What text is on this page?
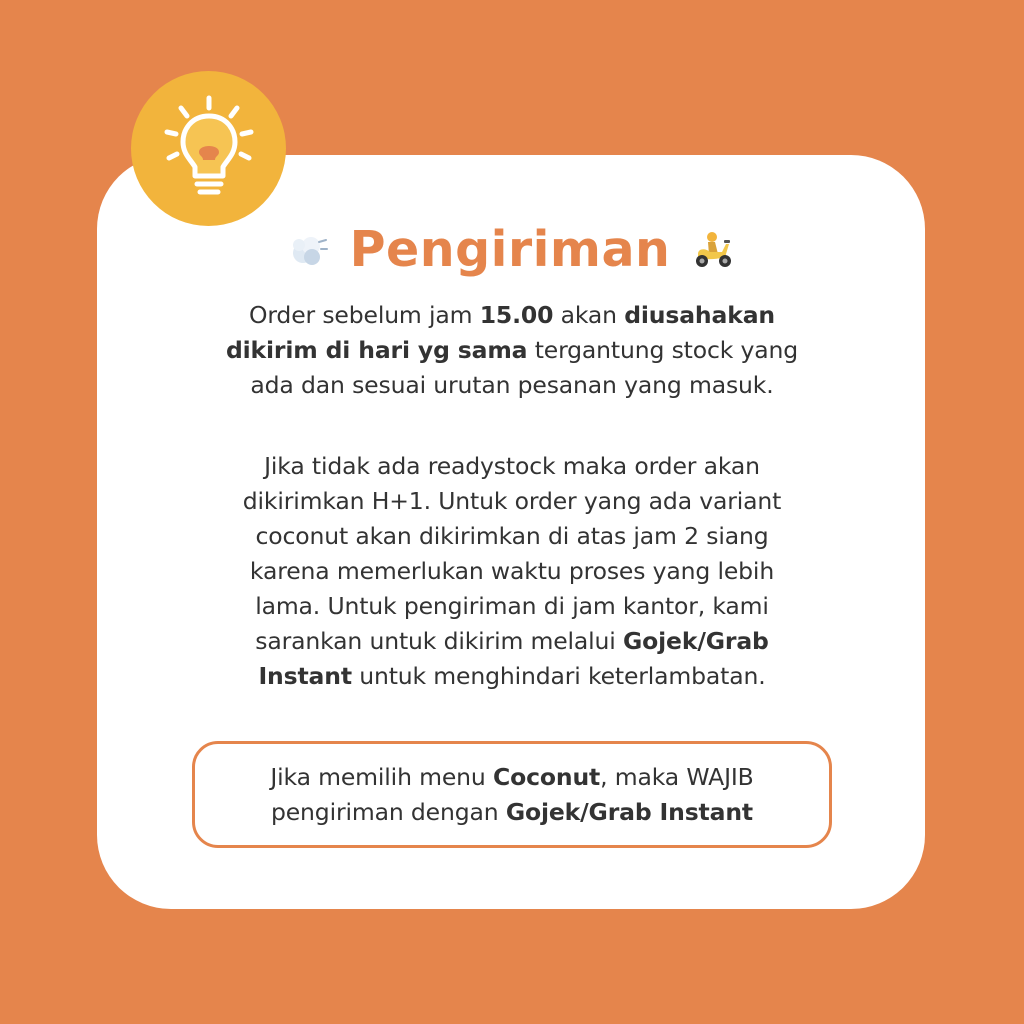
Pengiriman
Order sebelum jam 15.00 akan diusahakan
dikirim di hari yg sama tergantung stock yang
ada dan sesuai urutan pesanan yang masuk.
Jika tidak ada readystock maka order akan
dikirimkan H+1. Untuk order yang ada variant
coconut akan dikirimkan di atas jam 2 siang
karena memerlukan waktu proses yang lebih
lama. Untuk pengiriman di jam kantor, kami
sarankan untuk dikirim melalui Gojek/Grab
Instant untuk menghindari keterlambatan.
Jika memilih menu Coconut, maka WAJIB
pengiriman dengan Gojek/Grab Instant
